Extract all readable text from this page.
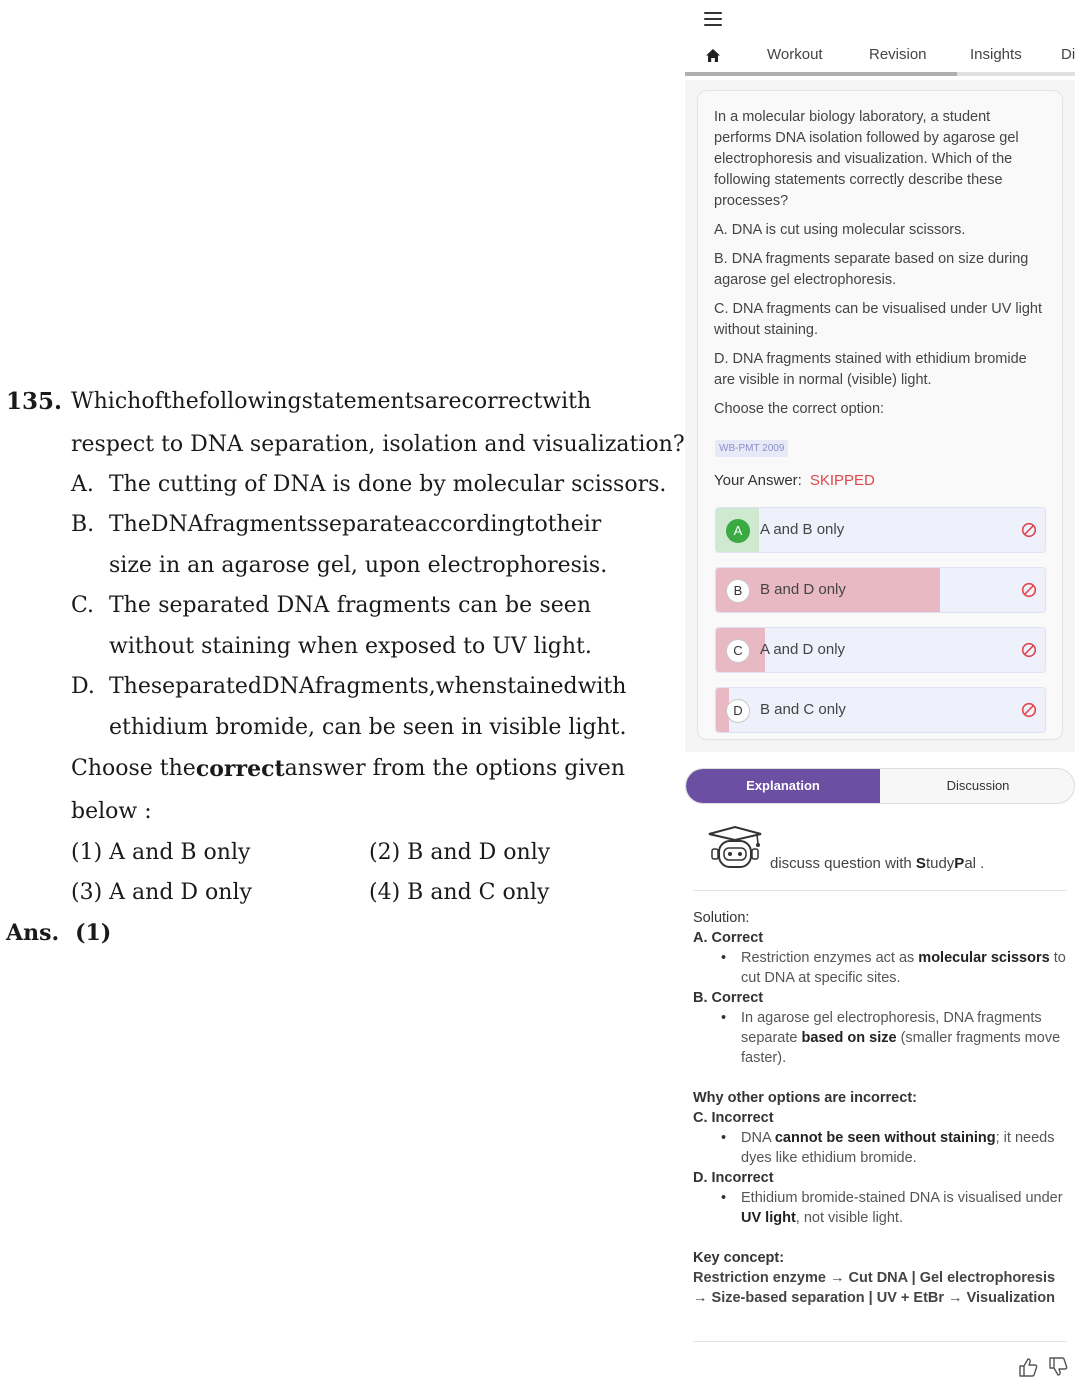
135. Which of the following statements are correct with
respect to DNA separation, isolation and visualization?
A. The cutting of DNA is done by molecular scissors.
B. The DNA fragments separate according to their
size in an agarose gel, upon electrophoresis.
C. The separated DNA fragments can be seen
without staining when exposed to UV light.
D. The separated DNA fragments, when stained with
ethidium bromide, can be seen in visible light.
Choose the correct answer from the options given
below :
(1) A and B only	(2) B and D only
(3) A and D only	(4) B and C only
Ans. (1)
Workout	Revision	Insights	Di
In a molecular biology laboratory, a student performs DNA isolation followed by agarose gel electrophoresis and visualization. Which of the following statements correctly describe these processes?
A. DNA is cut using molecular scissors.
B. DNA fragments separate based on size during agarose gel electrophoresis.
C. DNA fragments can be visualised under UV light without staining.
D. DNA fragments stained with ethidium bromide are visible in normal (visible) light.
Choose the correct option:
WB-PMT 2009
Your Answer: SKIPPED
A	A and B only
B	B and D only
C	A and D only
D	B and C only
Explanation	Discussion
discuss question with StudyPal .
Solution:
A. Correct
• Restriction enzymes act as molecular scissors to cut DNA at specific sites.
B. Correct
• In agarose gel electrophoresis, DNA fragments separate based on size (smaller fragments move faster).
Why other options are incorrect:
C. Incorrect
• DNA cannot be seen without staining; it needs dyes like ethidium bromide.
D. Incorrect
• Ethidium bromide-stained DNA is visualised under UV light, not visible light.
Key concept:
Restriction enzyme → Cut DNA | Gel electrophoresis
→ Size-based separation | UV + EtBr → Visualization
